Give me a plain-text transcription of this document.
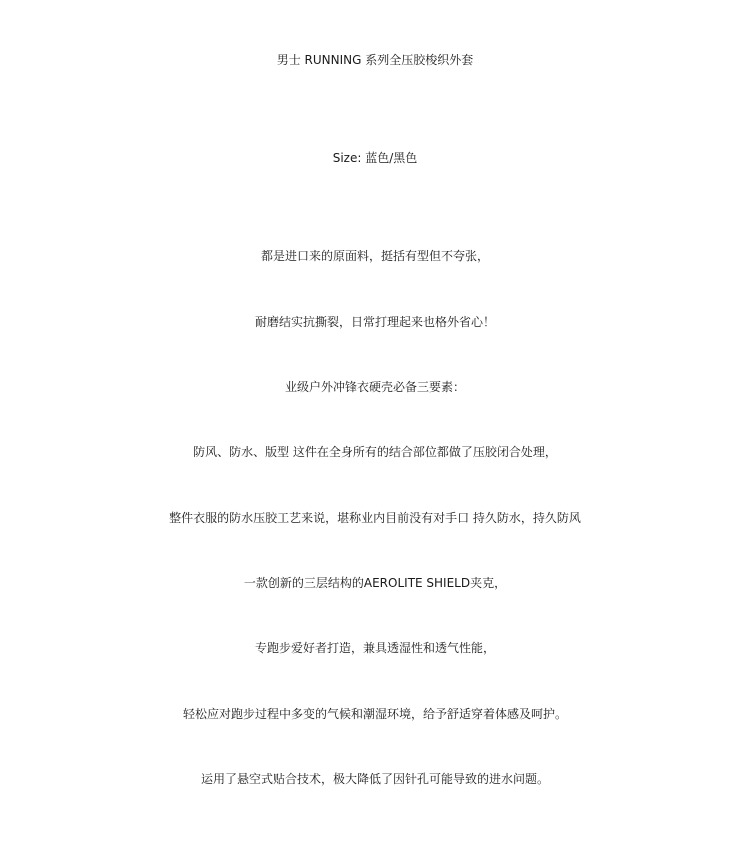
男士 RUNNING 系列全压胶梭织外套
Size: 蓝色/黑色
都是进口来的原面料，挺括有型但不夸张，
耐磨结实抗撕裂，日常打理起来也格外省心！
业级户外冲锋衣硬壳必备三要素：
防风、防水、版型 这件在全身所有的结合部位都做了压胶闭合处理，
整件衣服的防水压胶工艺来说，堪称业内目前没有对手口 持久防水，持久防风
一款创新的三层结构的AEROLITE SHIELD夹克，
专跑步爱好者打造，兼具透湿性和透气性能，
轻松应对跑步过程中多变的气候和潮湿环境，给予舒适穿着体感及呵护。
运用了悬空式贴合技术，极大降低了因针孔可能导致的进水问题。
